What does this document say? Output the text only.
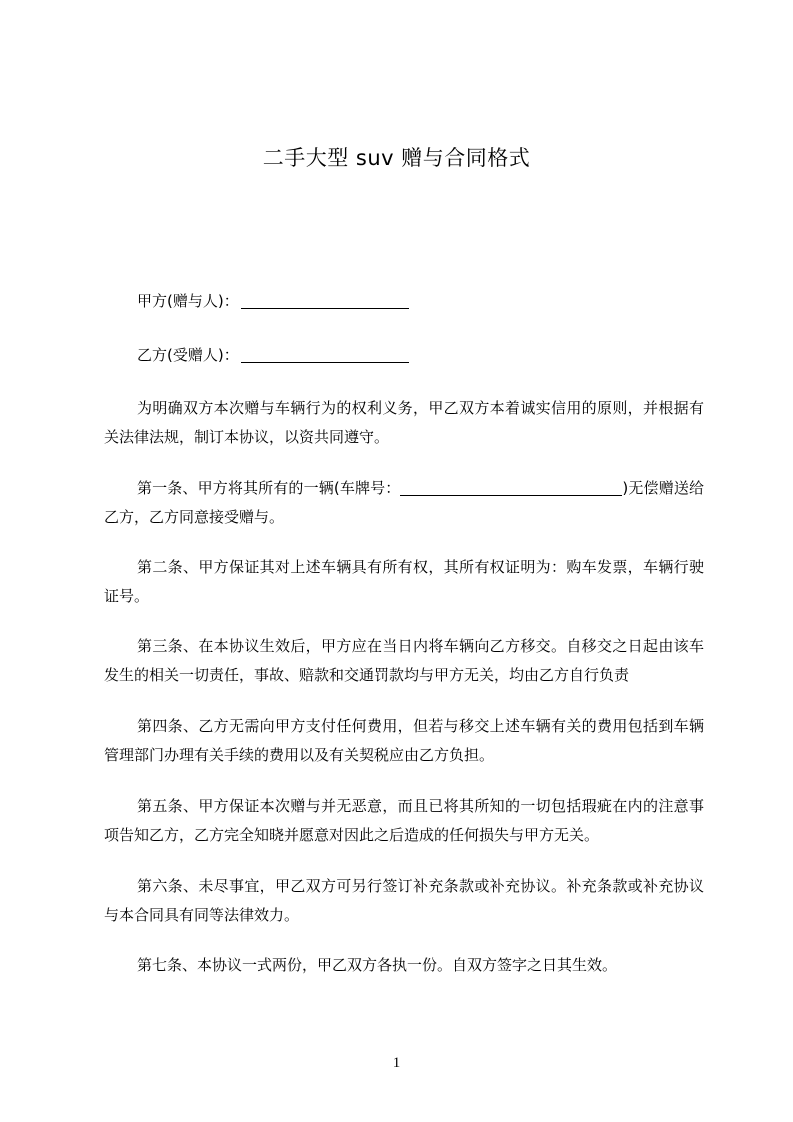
二手大型 suv 赠与合同格式
甲方(赠与人)：
乙方(受赠人)：
为明确双方本次赠与车辆行为的权利义务，甲乙双方本着诚实信用的原则，并根据有关法律法规，制订本协议，以资共同遵守。
第一条、甲方将其所有的一辆(车牌号：	)无偿赠送给乙方，乙方同意接受赠与。
第二条、甲方保证其对上述车辆具有所有权，其所有权证明为：购车发票，车辆行驶证号。
第三条、在本协议生效后，甲方应在当日内将车辆向乙方移交。自移交之日起由该车发生的相关一切责任，事故、赔款和交通罚款均与甲方无关，均由乙方自行负责
第四条、乙方无需向甲方支付任何费用，但若与移交上述车辆有关的费用包括到车辆管理部门办理有关手续的费用以及有关契税应由乙方负担。
第五条、甲方保证本次赠与并无恶意，而且已将其所知的一切包括瑕疵在内的注意事项告知乙方，乙方完全知晓并愿意对因此之后造成的任何损失与甲方无关。
第六条、未尽事宜，甲乙双方可另行签订补充条款或补充协议。补充条款或补充协议与本合同具有同等法律效力。
第七条、本协议一式两份，甲乙双方各执一份。自双方签字之日其生效。
1
